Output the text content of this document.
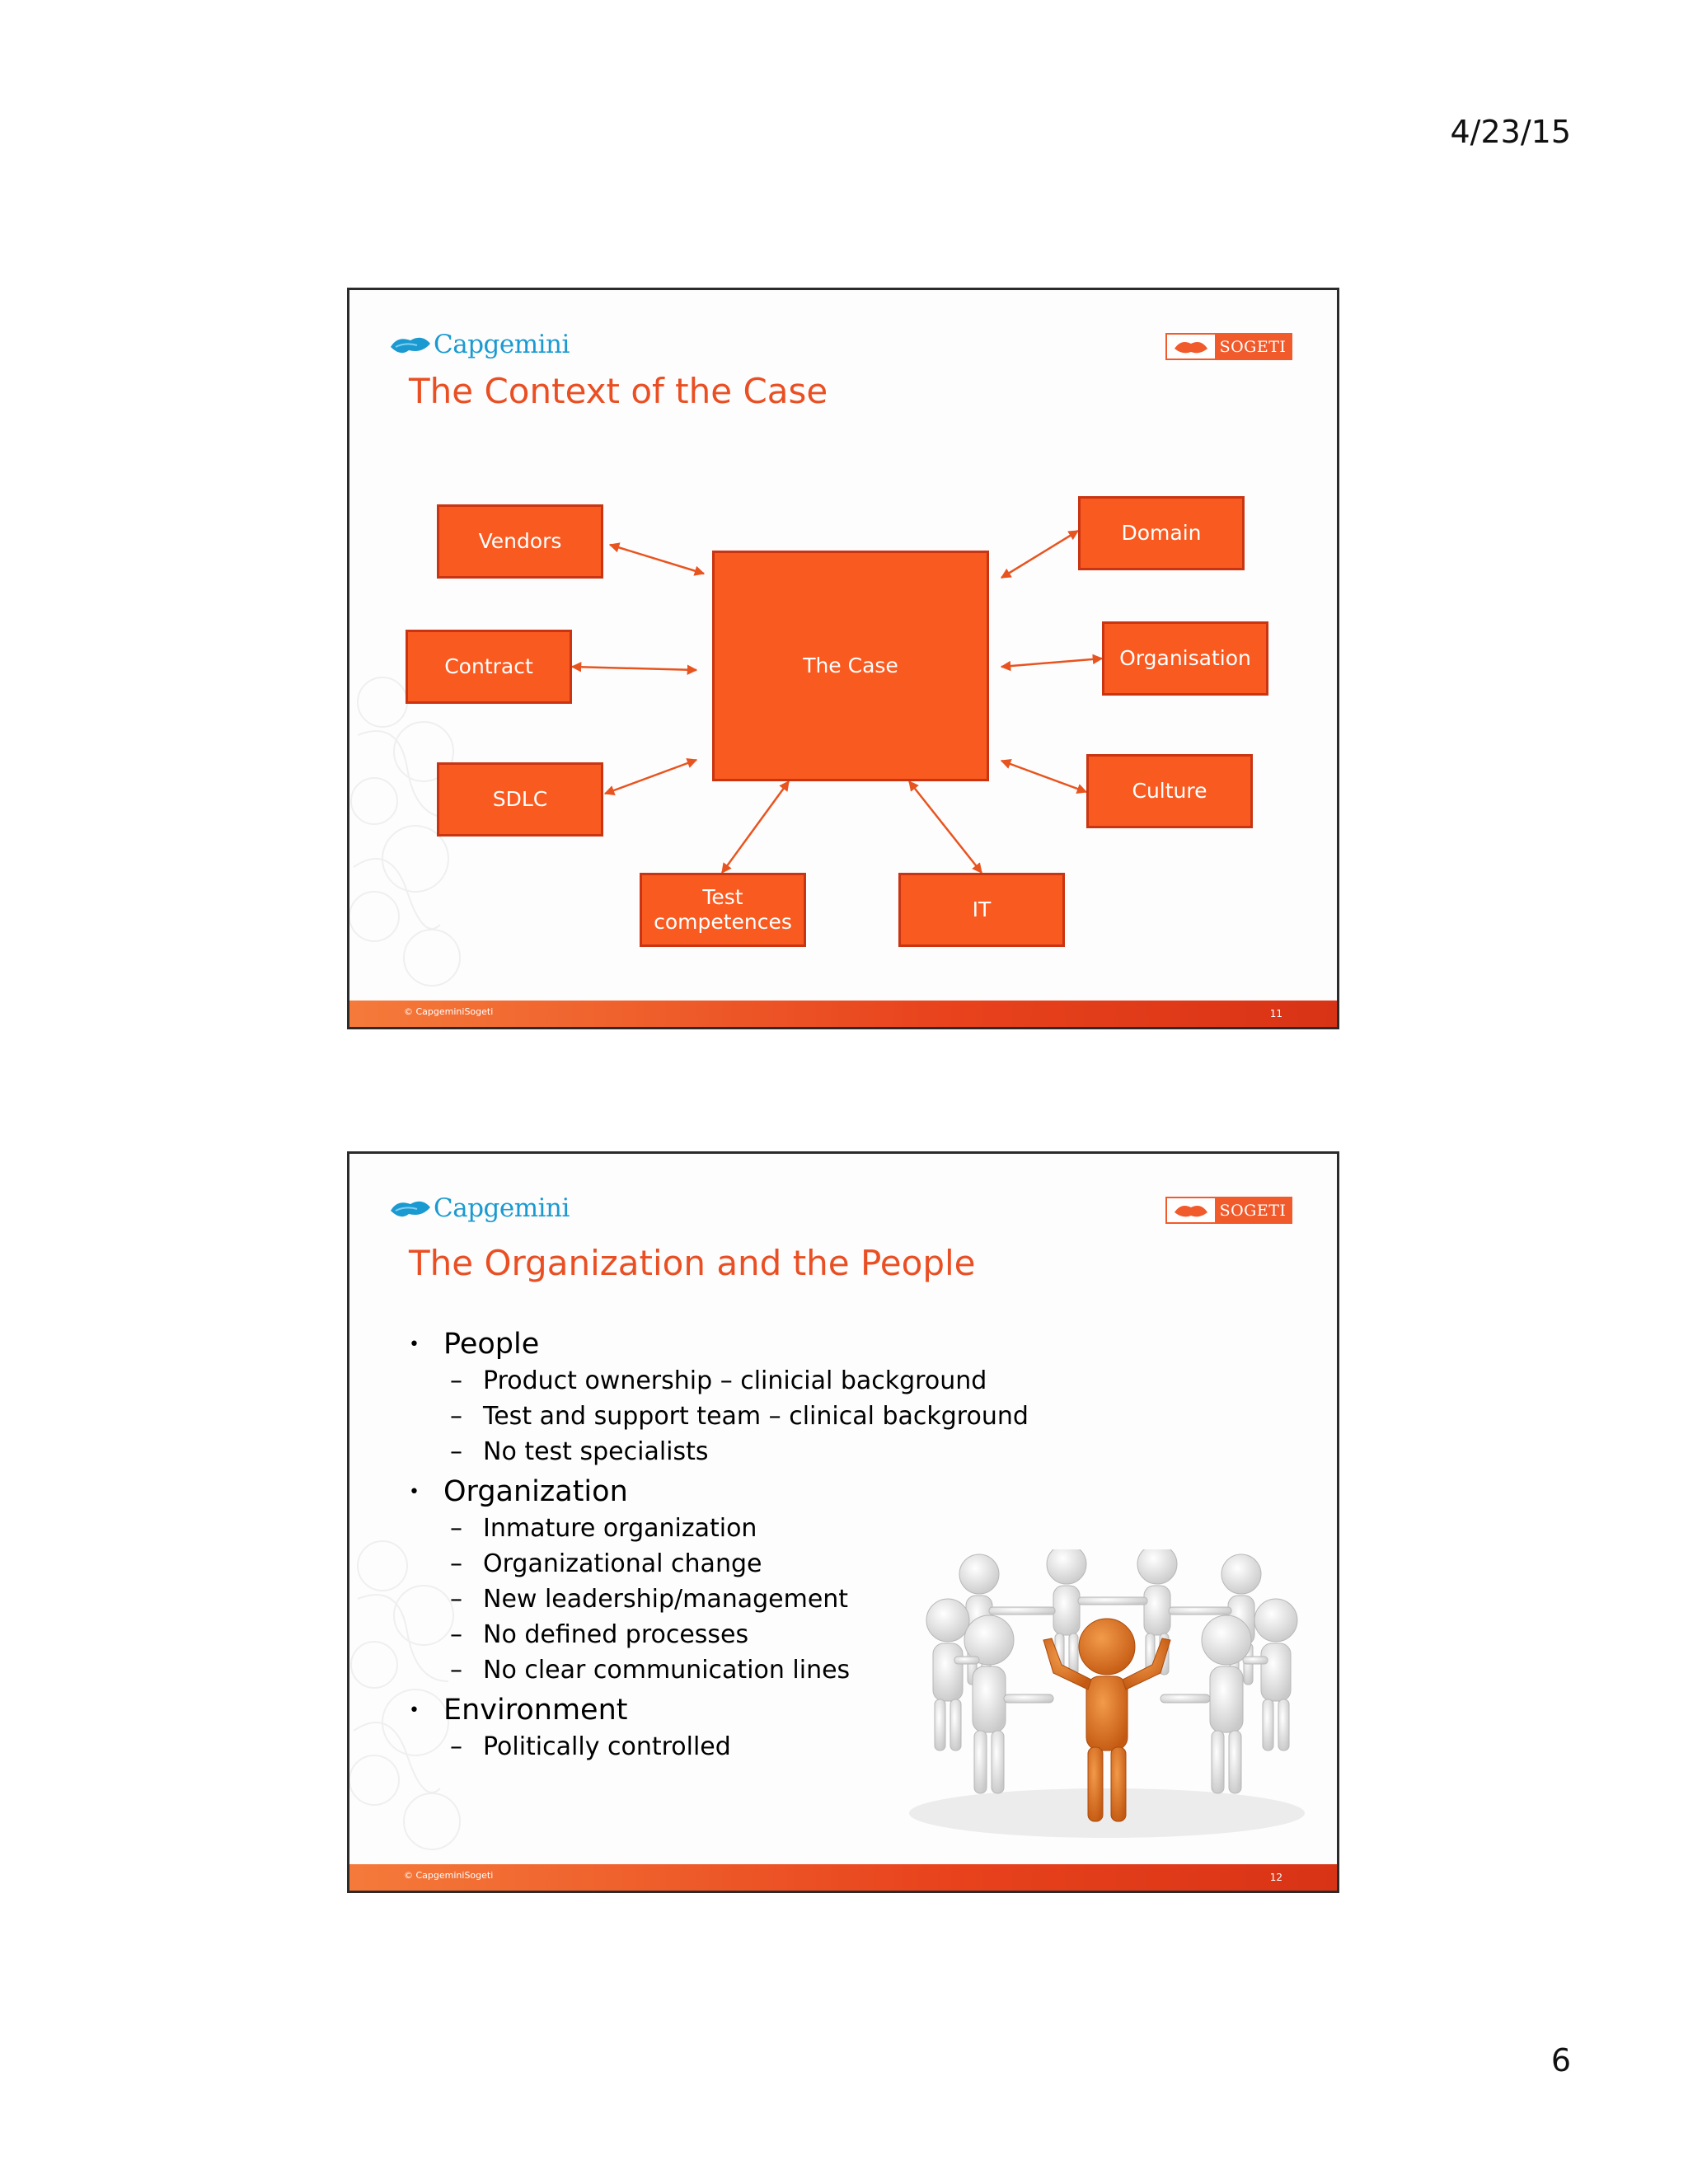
4/23/15
Capgemini	SOGETI
The Context of the Case
The Case
Vendors
Contract
SDLC
Test competences
IT
Domain
Organisation
Culture
© CapgeminiSogeti	11
Capgemini	SOGETI
The Organization and the People
• People
– Product ownership – clinicial background
– Test and support team – clinical background
– No test specialists
• Organization
– Inmature organization
– Organizational change
– New leadership/management
– No defined processes
– No clear communication lines
• Environment
– Politically controlled
© CapgeminiSogeti	12
6
